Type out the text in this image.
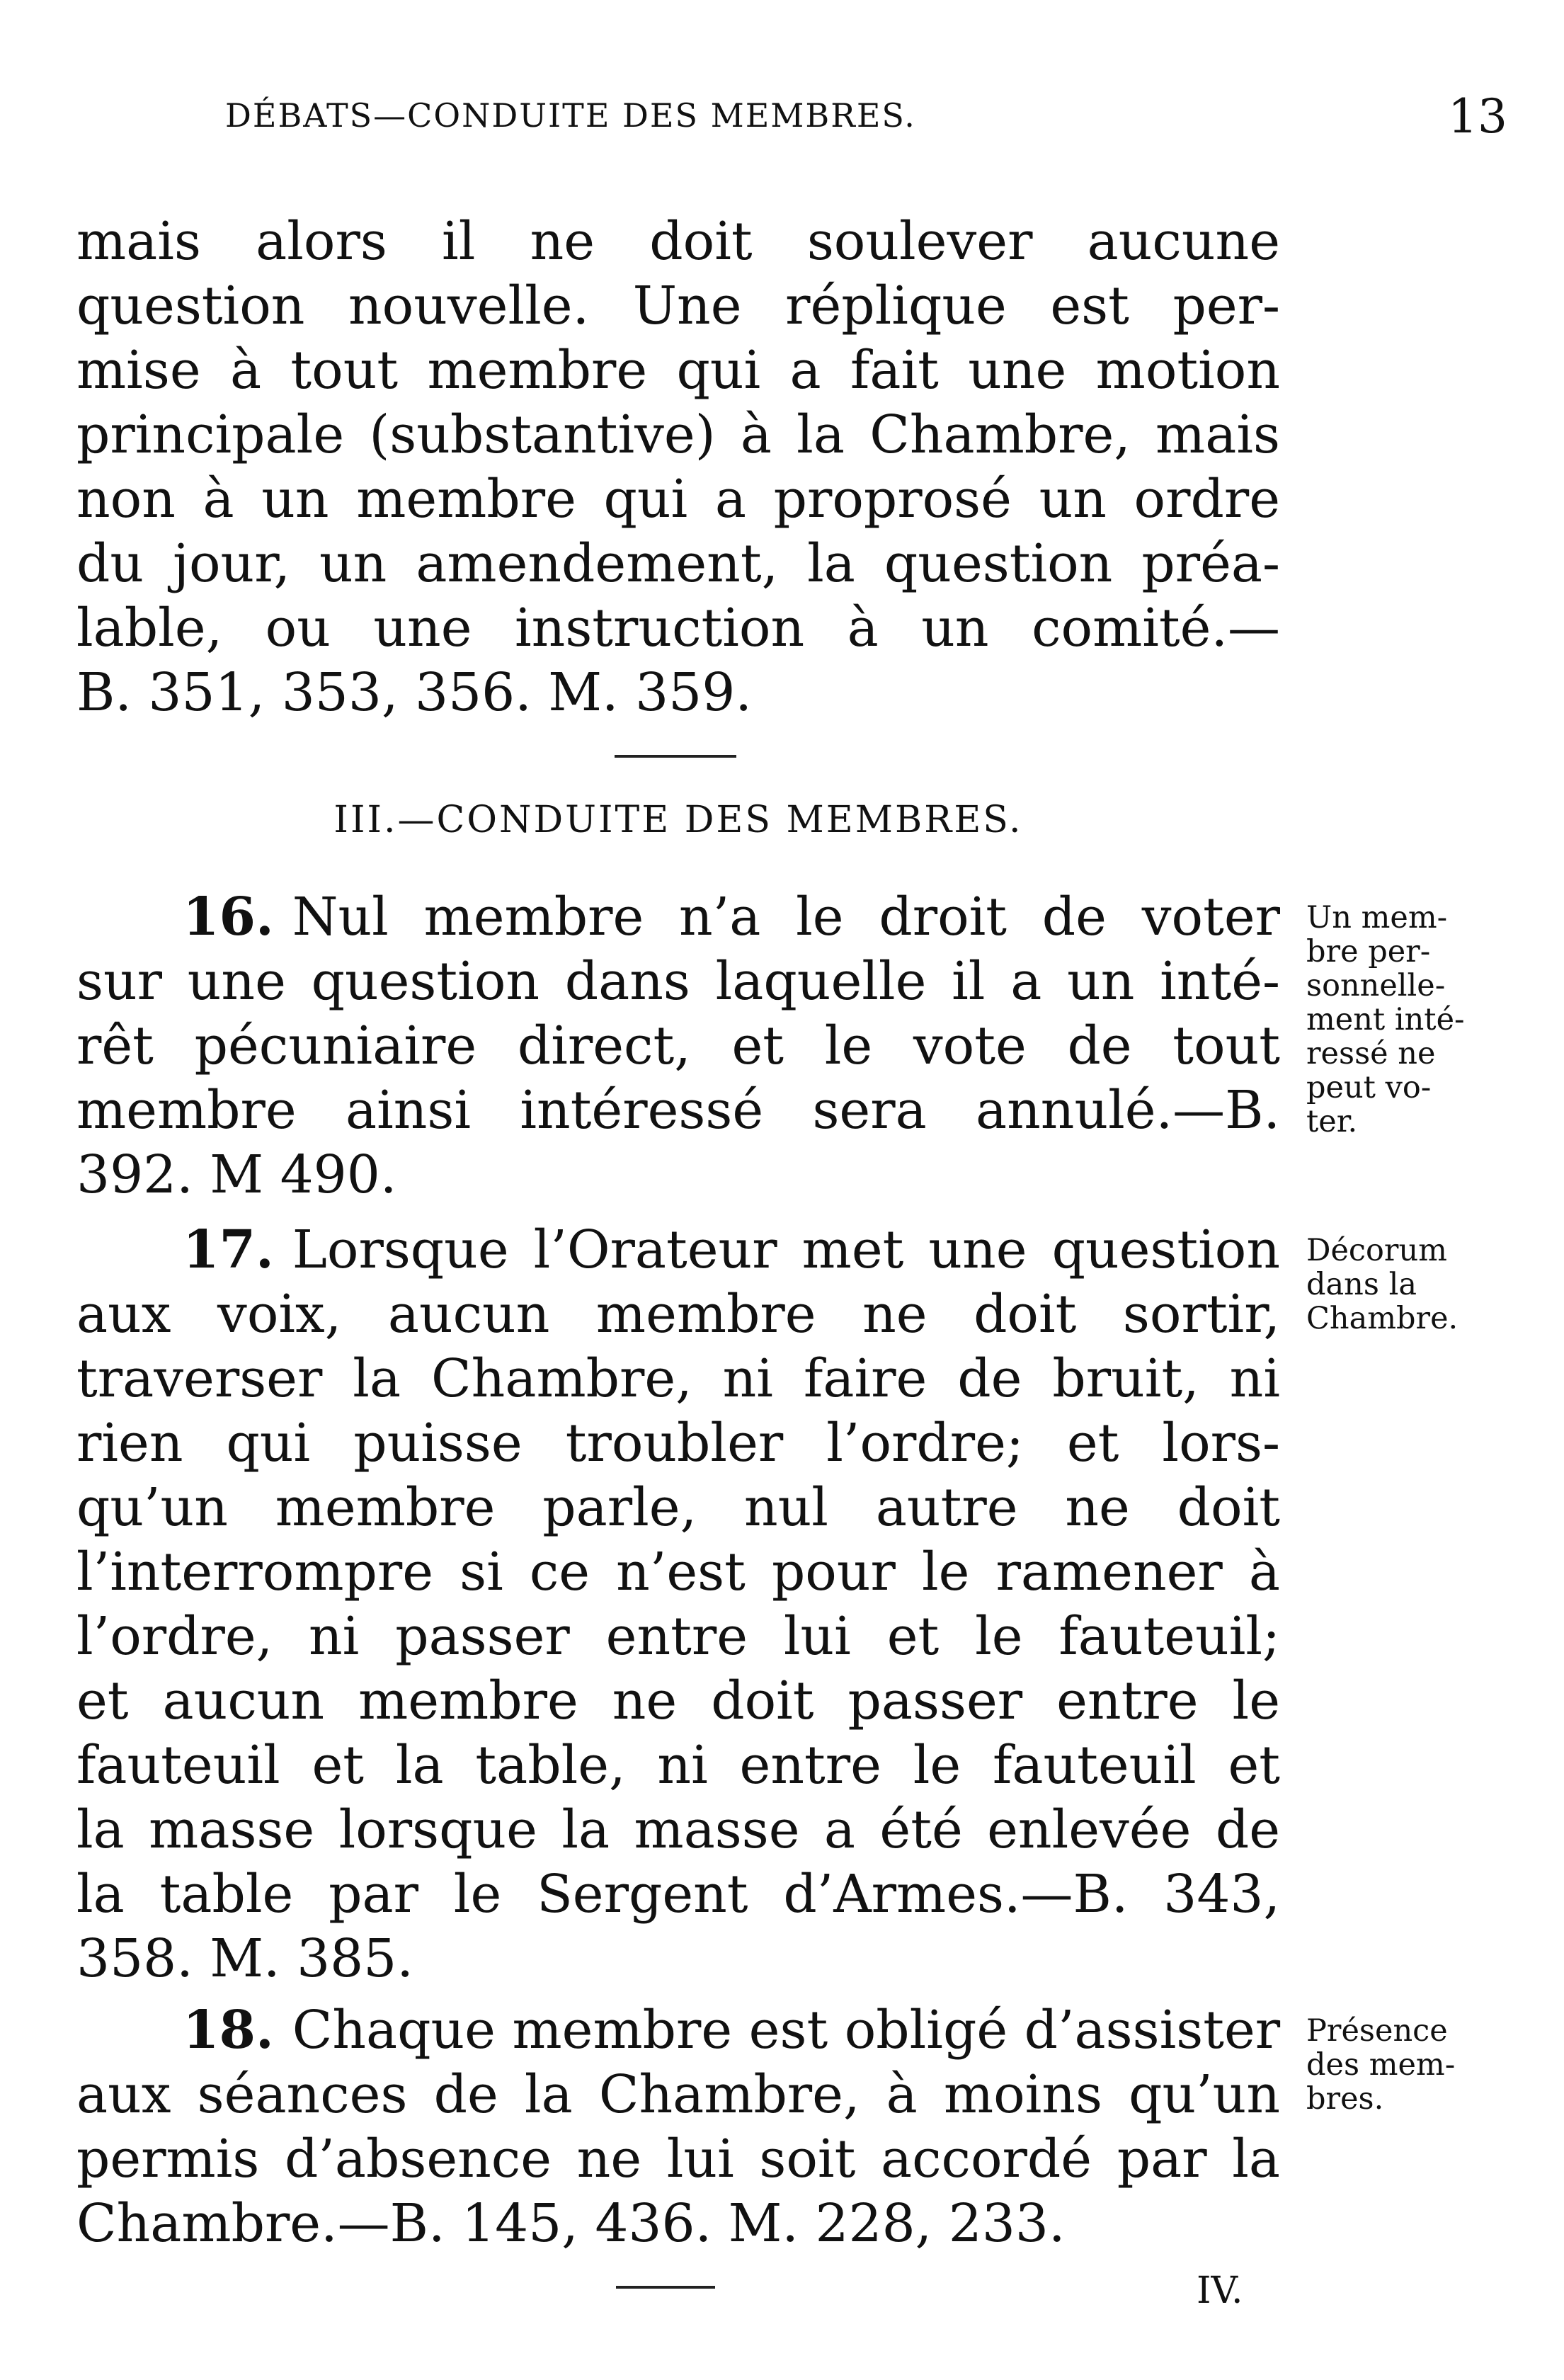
DÉBATS—CONDUITE DES MEMBRES.	13
mais alors il ne doit soulever aucune
question nouvelle. Une réplique est per-
mise à tout membre qui a fait une motion
principale (substantive) à la Chambre, mais
non à un membre qui a proprosé un ordre
du jour, un amendement, la question préa-
lable, ou une instruction à un comité.—
B. 351, 353, 356. M. 359.
III.—CONDUITE DES MEMBRES.
16. Nul membre n’a le droit de voter
sur une question dans laquelle il a un inté-
rêt pécuniaire direct, et le vote de tout
membre ainsi intéressé sera annulé.—B.
392. M 490.
Un mem-
bre per-
sonnelle-
ment inté-
ressé ne
peut vo-
ter.
17. Lorsque l’Orateur met une question
aux voix, aucun membre ne doit sortir,
traverser la Chambre, ni faire de bruit, ni
rien qui puisse troubler l’ordre; et lors-
qu’un membre parle, nul autre ne doit
l’interrompre si ce n’est pour le ramener à
l’ordre, ni passer entre lui et le fauteuil;
et aucun membre ne doit passer entre le
fauteuil et la table, ni entre le fauteuil et
la masse lorsque la masse a été enlevée de
la table par le Sergent d’Armes.—B. 343,
358. M. 385.
Décorum
dans la
Chambre.
18. Chaque membre est obligé d’assister
aux séances de la Chambre, à moins qu’un
permis d’absence ne lui soit accordé par la
Chambre.—B. 145, 436. M. 228, 233.
Présence
des mem-
bres.
IV.
